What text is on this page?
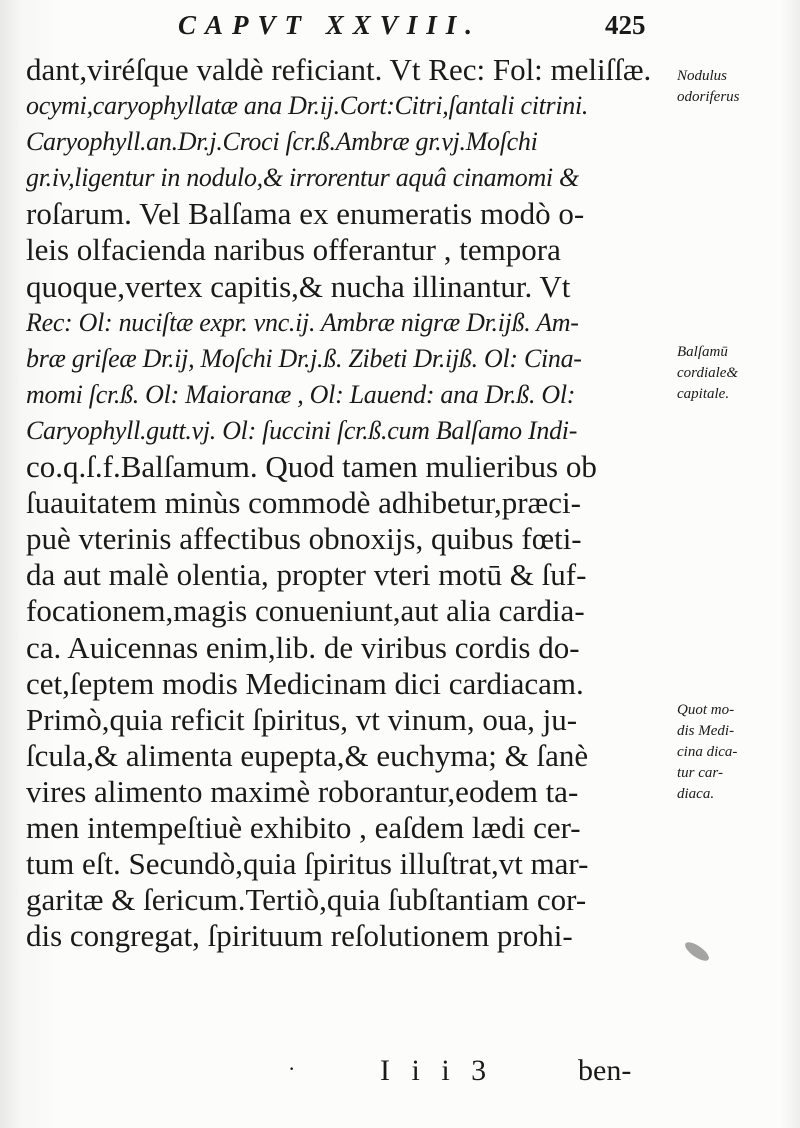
CAPVT XXVIII.	425
dant,viréſque valdè reficiant. Vt Rec: Fol: meliſſæ.
ocymi,caryophyllatæ ana Dr.ij.Cort:Citri,ſantali citrini.
Caryophyll.an.Dr.j.Croci ſcr.ß.Ambræ gr.vj.Moſchi
gr.iv,ligentur in nodulo,& irrorentur aquâ cinamomi &
roſarum. Vel Balſama ex enumeratis modò o-
leis olfacienda naribus offerantur , tempora
quoque,vertex capitis,& nucha illinantur. Vt
Rec: Ol: nuciſtæ expr. vnc.ij. Ambræ nigræ Dr.ijß. Am-
bræ griſeæ Dr.ij, Moſchi Dr.j.ß. Zibeti Dr.ijß. Ol: Cina-
momi ſcr.ß. Ol: Maioranæ , Ol: Lauend: ana Dr.ß. Ol:
Caryophyll.gutt.vj. Ol: ſuccini ſcr.ß.cum Balſamo Indi-
co.q.ſ.f.Balſamum. Quod tamen mulieribus ob
ſuauitatem minùs commodè adhibetur,præci-
puè vterinis affectibus obnoxijs, quibus fœti-
da aut malè olentia, propter vteri motū & ſuf-
focationem,magis conueniunt,aut alia cardia-
ca. Auicennas enim,lib. de viribus cordis do-
cet,ſeptem modis Medicinam dici cardiacam.
Primò,quia reficit ſpiritus, vt vinum, oua, ju-
ſcula,& alimenta eupepta,& euchyma; & ſanè
vires alimento maximè roborantur,eodem ta-
men intempeſtiuè exhibito , eaſdem lædi cer-
tum eſt. Secundò,quia ſpiritus illuſtrat,vt mar-
garitæ & ſericum.Tertiò,quia ſubſtantiam cor-
dis congregat, ſpirituum reſolutionem prohi-
Nodulus
odoriferus
Balſamū
cordiale&
capitale.
Quot mo-
dis Medi-
cina dica-
tur car-
diaca.
·	I i i 3	ben-
